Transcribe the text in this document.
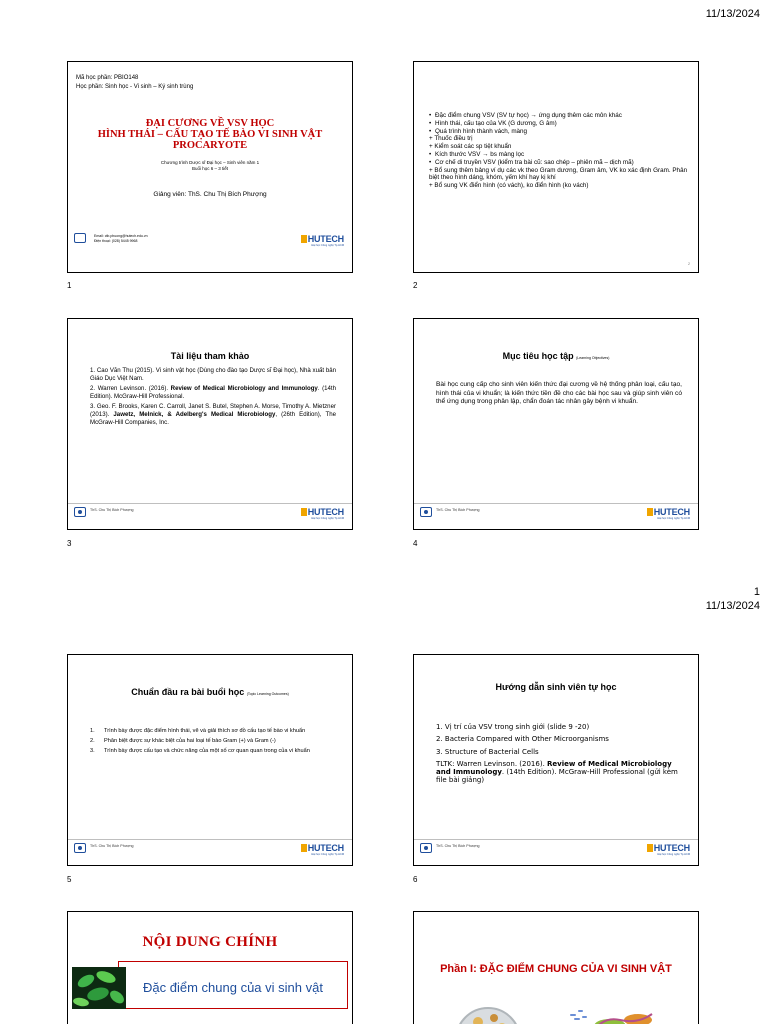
11/13/2024
Mã học phần: PBIO148
Học phần: Sinh học - Vi sinh – Ký sinh trùng
ĐẠI CƯƠNG VỀ VSV HỌC
HÌNH THÁI – CẤU TẠO TẾ BÀO VI SINH VẬT
PROCARYOTE
Chương trình Dược sĩ Đại học – Sinh viên năm 1
Buổi học 6 – 3 tiết
Giảng viên: ThS. Chu Thị Bích Phượng
Email: ctb.phuong@hutech.edu.vn
Điện thoại: (028) 5445 9968	HUTECH
Đại học Công nghệ Tp.HCM
1
• Đặc điểm chung VSV (SV tự học) → ứng dụng thêm các môn khác
• Hình thái, cấu tạo của VK (G dương, G âm)
• Quá trình hình thành vách, màng
+ Thuốc điều trị
+ Kiểm soát các sp tiệt khuẩn
• Kích thước VSV → bs màng lọc
• Cơ chế di truyền VSV (kiểm tra bài cũ: sao chép – phiên mã – dịch mã)
+ Bổ sung thêm bảng ví dụ các vk theo Gram dương, Gram âm, VK ko xác định Gram. Phân biệt theo hình dáng, khóm, yếm khí hay kị khí
+ Bổ sung VK điển hình (có vách), ko điển hình (ko vách)
2
2
Tài liệu tham khảo

1. Cao Văn Thu (2015). Vi sinh vật học (Dùng cho đào tạo Dược sĩ Đại học), Nhà xuất bản Giáo Dục Việt Nam.

2. Warren Levinson. (2016). Review of Medical Microbiology and Immunology. (14th Edition). McGraw-Hill Professional.

3. Geo. F. Brooks, Karen C. Carroll, Janet S. Butel, Stephen A. Morse, Timothy A. Mietzner (2013). Jawetz, Melnick, & Adelberg's Medical Microbiology, (26th Edition), The McGraw-Hill Companies, Inc.

ThS. Chu Thị Bích Phượng	HUTECH
Đại học Công nghệ Tp.HCM
3
Mục tiêu học tập (Learning Objectives)
Bài học cung cấp cho sinh viên kiến thức đại cương về hệ thống phân loại, cấu tạo, hình thái của vi khuẩn; là kiến thức tiền đề cho các bài học sau và giúp sinh viên có thể ứng dụng trong phân lập, chẩn đoán tác nhân gây bệnh vi khuẩn.
ThS. Chu Thị Bích Phượng	HUTECH
Đại học Công nghệ Tp.HCM
4
1
11/13/2024
Chuẩn đầu ra bài buổi học (Topic Learning Outcomes)
1. Trình bày được đặc điểm hình thái, vẽ và giải thích sơ đồ cấu tạo tế bào vi khuẩn
2. Phân biệt được sự khác biệt của hai loại tế bào Gram (+) và Gram (-)
3. Trình bày được cấu tạo và chức năng của một số cơ quan quan trong của vi khuẩn
ThS. Chu Thị Bích Phượng	HUTECH
Đại học Công nghệ Tp.HCM
5
Hướng dẫn sinh viên tự học

1. Vị trí của VSV trong sinh giới (slide 9 -20)

2. Bacteria Compared with Other Microorganisms

3. Structure of Bacterial Cells

TLTK: Warren Levinson. (2016). Review of Medical Microbiology and Immunology. (14th Edition). McGraw-Hill Professional (gửi kèm file bài giảng)

ThS. Chu Thị Bích Phượng	HUTECH
Đại học Công nghệ Tp.HCM
6
NỘI DUNG CHÍNH
Đặc điểm chung của vi sinh vật
Phần I: ĐẶC ĐIỂM CHUNG CỦA VI SINH VẬT
